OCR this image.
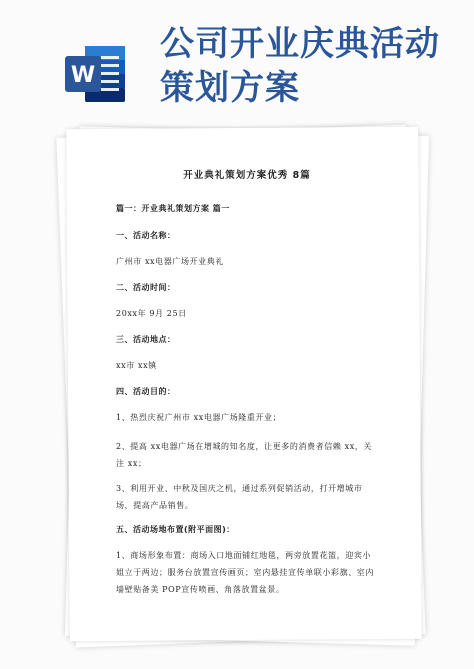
W
公司开业庆典活动
策划方案

开业典礼策划方案优秀 8篇

篇一：开业典礼策划方案 篇一

一、活动名称：

广州市 xx电器广场开业典礼

二、活动时间：

20xx年 9月 25日

三、活动地点：

xx市 xx镇

四、活动目的：

1、热烈庆祝广州市 xx电器广场隆重开业；

2、提高 xx电器广场在增城的知名度，让更多的消费者信赖 xx，关注 xx；

3、利用开业、中秋及国庆之机，通过系列促销活动，打开增城市场，提高产品销售。

五、活动场地布置(附平面图)：

1、商场形象布置：商场入口地面铺红地毯，两旁放置花篮，迎宾小姐立于两边；服务台放置宣传画页；室内悬挂宣传单联小彩旗、室内墙壁贴备美 POP宣传喷画、角落放置盆景。
